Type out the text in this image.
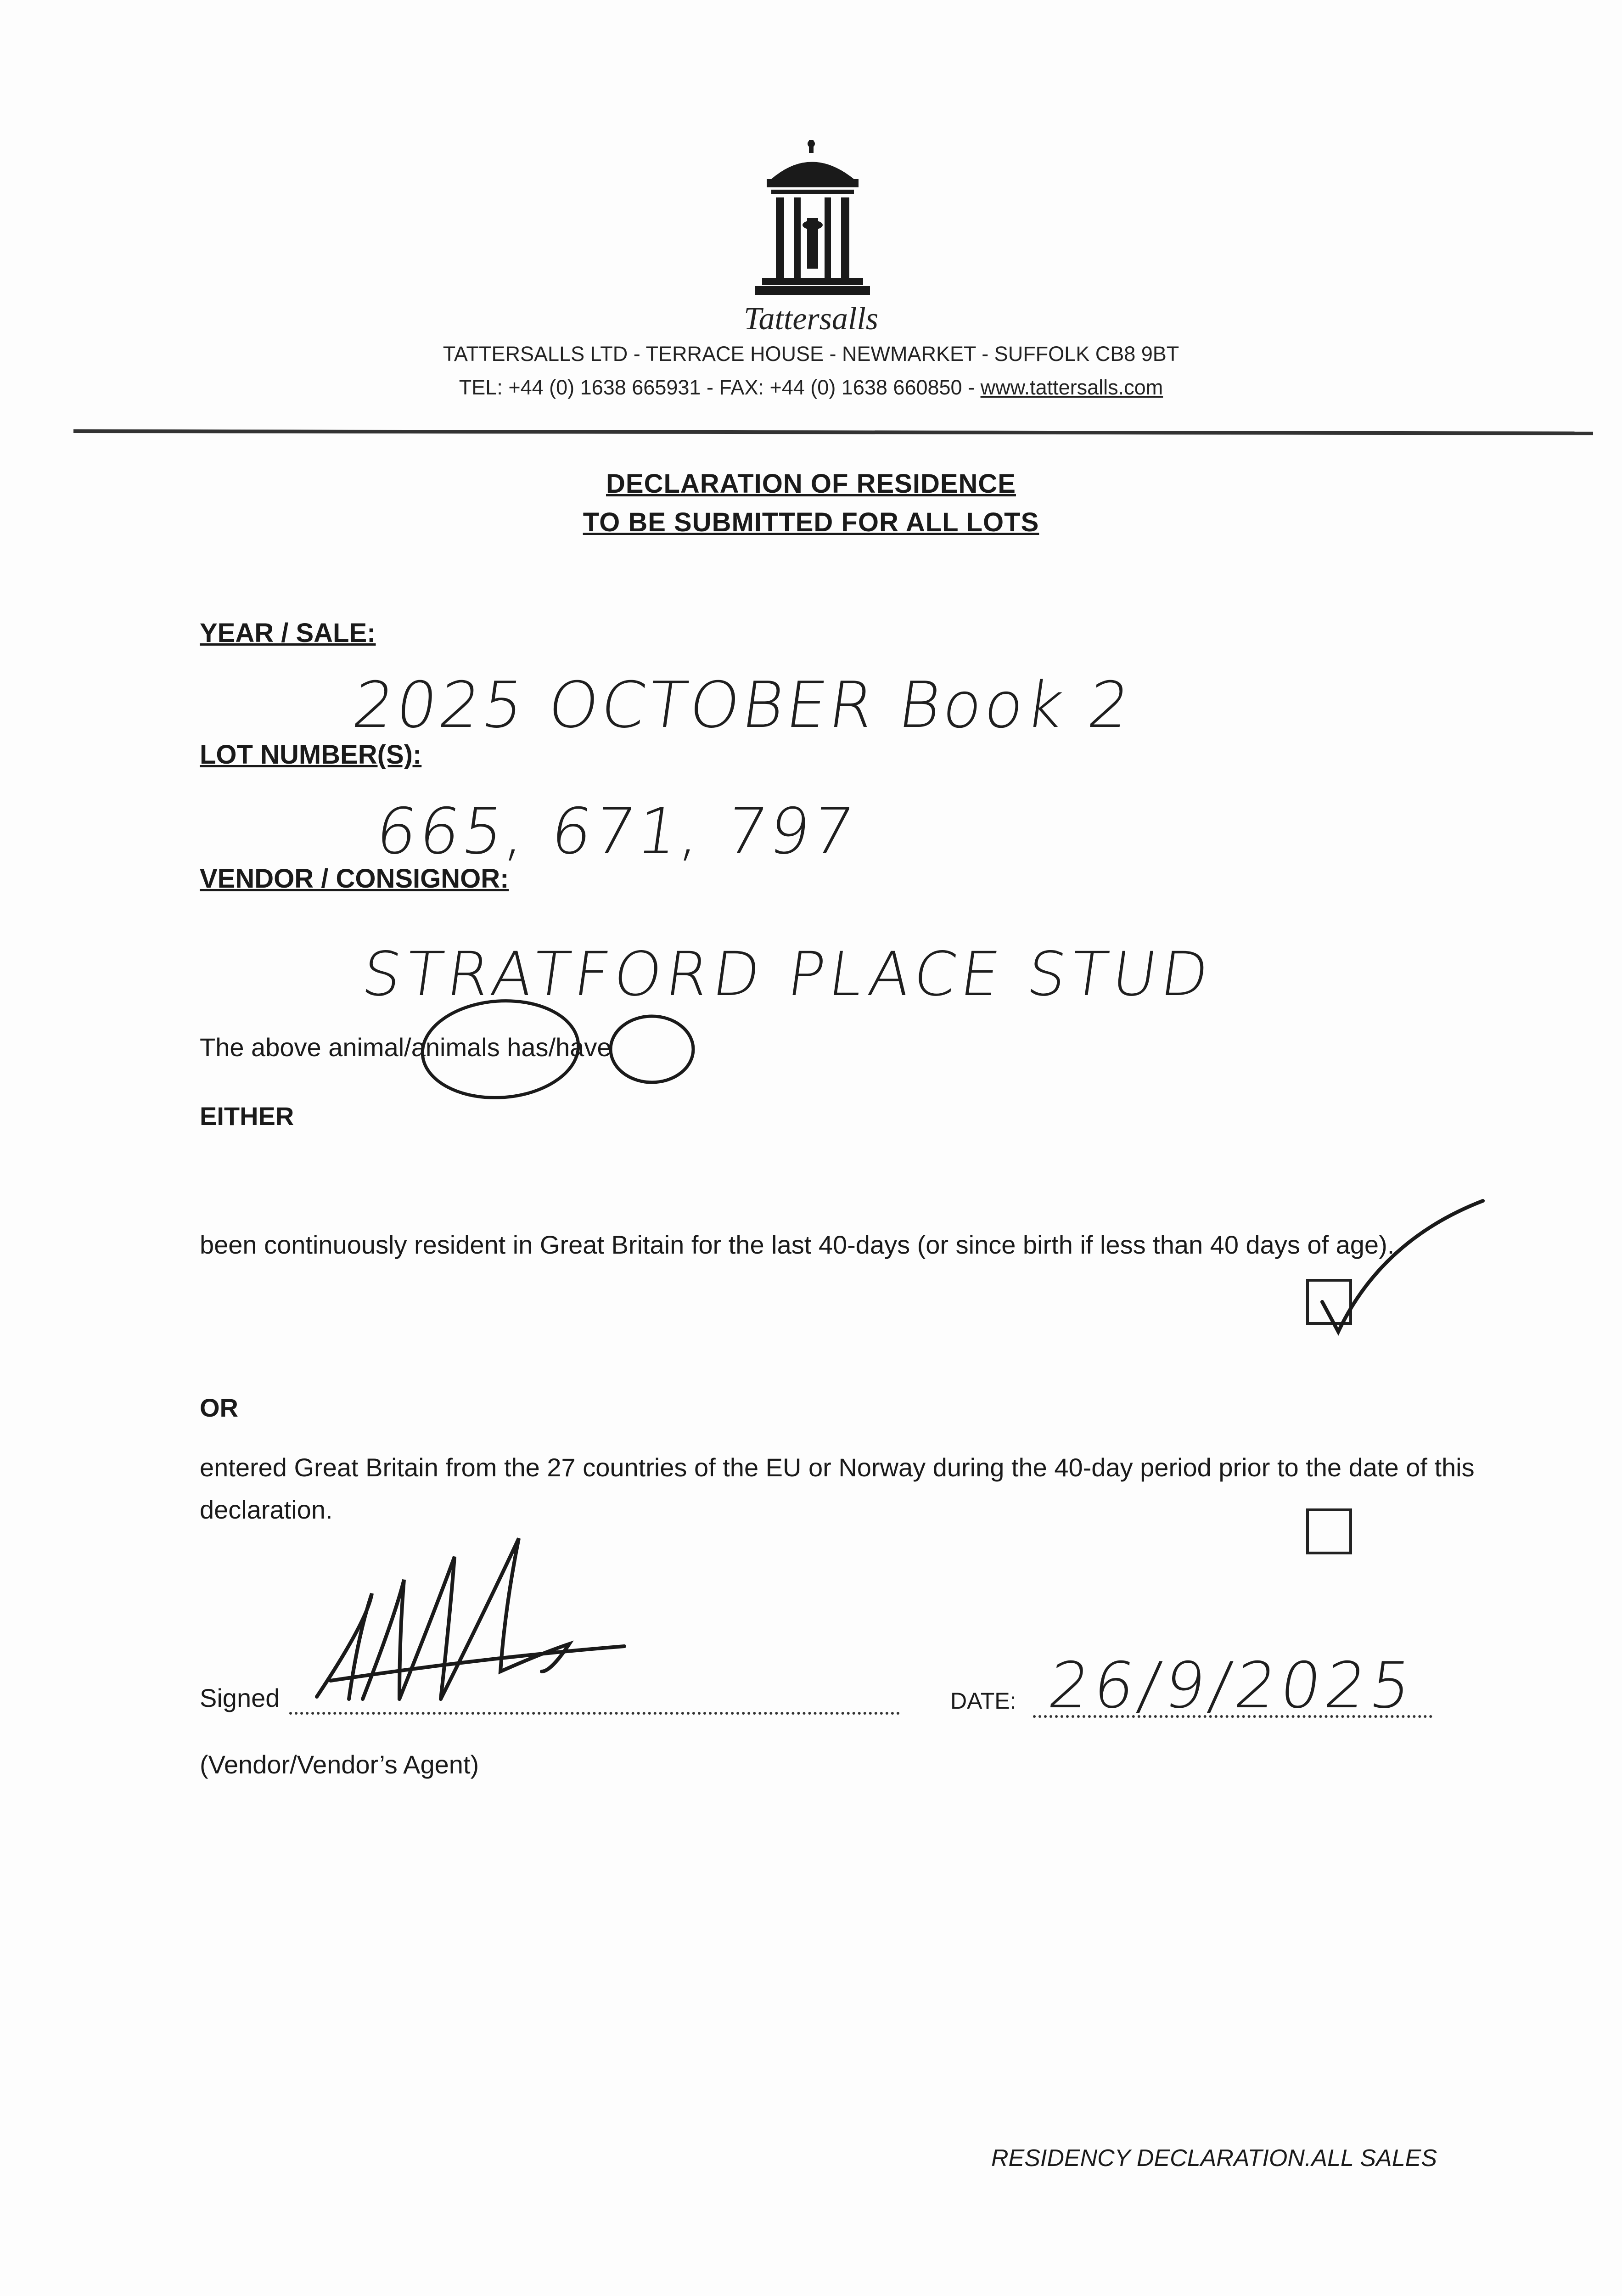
Tattersalls
TATTERSALLS LTD - TERRACE HOUSE - NEWMARKET - SUFFOLK CB8 9BT
TEL: +44 (0) 1638 665931 - FAX: +44 (0) 1638 660850 - www.tattersalls.com
DECLARATION OF RESIDENCE
TO BE SUBMITTED FOR ALL LOTS
YEAR / SALE:
2025 OCTOBER Book 2
LOT NUMBER(S):
665, 671, 797
VENDOR / CONSIGNOR:
STRATFORD PLACE STUD
The above animal/animals has/have
EITHER
been continuously resident in Great Britain for the last 40-days (or since birth if less than 40 days of age).
OR
entered Great Britain from the 27 countries of the EU or Norway during the 40-day period prior to the date of this declaration.
Signed	DATE: 26/9/2025
(Vendor/Vendor’s Agent)
RESIDENCY DECLARATION.ALL SALES
